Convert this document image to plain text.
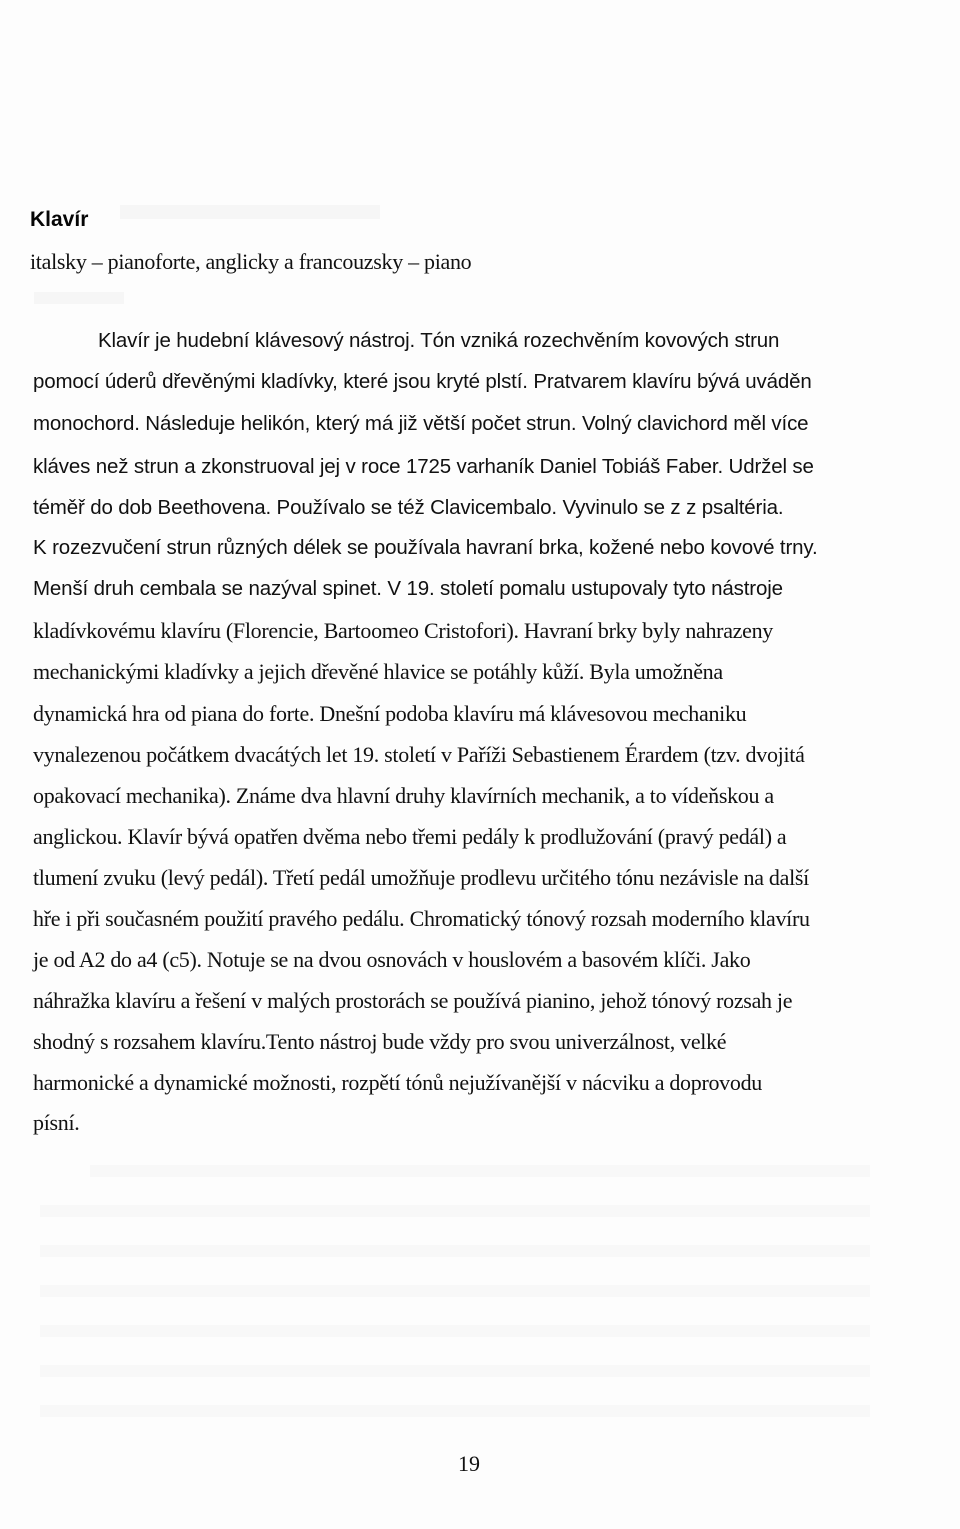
Klavír
italsky – pianoforte, anglicky a francouzsky – piano
Klavír je hudební klávesový nástroj. Tón vzniká rozechvěním kovových strun
pomocí úderů dřevěnými kladívky, které jsou kryté plstí. Pratvarem klavíru bývá uváděn
monochord. Následuje helikón, který má již větší počet strun. Volný clavichord měl více
kláves než strun a zkonstruoval jej v roce 1725 varhaník Daniel Tobiáš Faber. Udržel se
téměř do dob Beethovena. Používalo se též Clavicembalo. Vyvinulo se z z psaltéria.
K rozezvučení strun různých délek se používala havraní brka, kožené nebo kovové trny.
Menší druh cembala se nazýval spinet. V 19. století pomalu ustupovaly tyto nástroje
kladívkovému klavíru (Florencie, Bartoomeo Cristofori). Havraní brky byly nahrazeny
mechanickými kladívky a jejich dřevěné hlavice se potáhly kůží. Byla umožněna
dynamická hra od piana do forte. Dnešní podoba klavíru má klávesovou mechaniku
vynalezenou počátkem dvacátých let 19. století v Paříži Sebastienem Érardem (tzv. dvojitá
opakovací mechanika). Známe dva hlavní druhy klavírních mechanik, a to vídeňskou a
anglickou. Klavír bývá opatřen dvěma nebo třemi pedály k prodlužování (pravý pedál) a
tlumení zvuku (levý pedál). Třetí pedál umožňuje prodlevu určitého tónu nezávisle na další
hře i při současném použití pravého pedálu. Chromatický tónový rozsah moderního klavíru
je od A2 do a4 (c5). Notuje se na dvou osnovách v houslovém a basovém klíči. Jako
náhražka klavíru a řešení v malých prostorách se používá pianino, jehož tónový rozsah je
shodný s rozsahem klavíru.Tento nástroj bude vždy pro svou univerzálnost, velké
harmonické a dynamické možnosti, rozpětí tónů nejužívanější v nácviku a doprovodu
písní.
19
